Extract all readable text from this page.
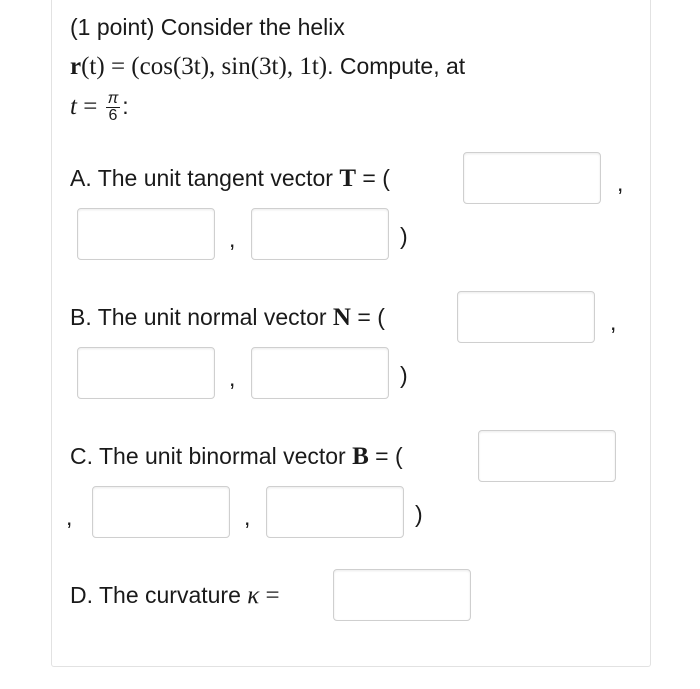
(1 point) Consider the helix
r(t) = (cos(3t), sin(3t), 1t). Compute, at
$t = \frac{\pi}{6}$ :
A. The unit tangent vector T = (	,
,	)
B. The unit normal vector N = (	,
,	)
C. The unit binormal vector B = (
,	,	)
D. The curvature κ =
